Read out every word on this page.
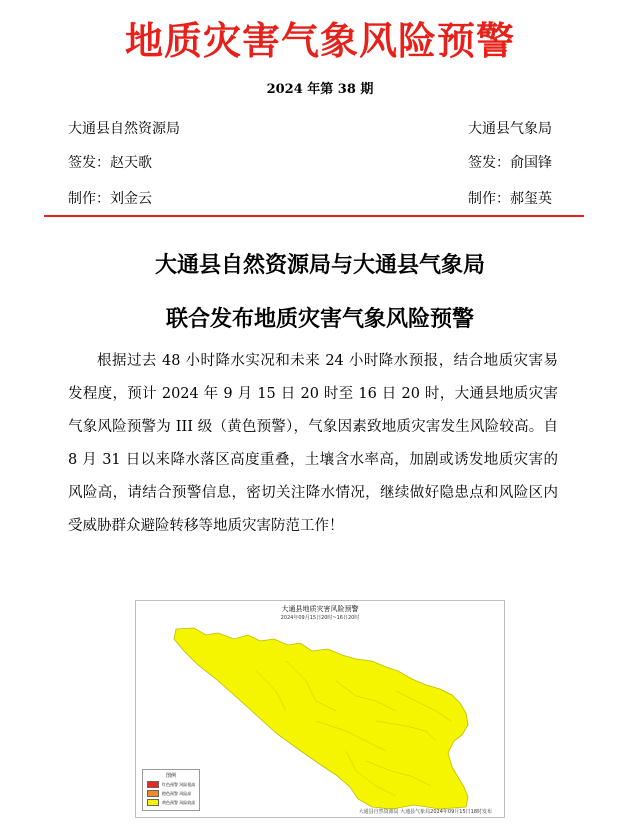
地质灾害气象风险预警
2024 年第 38 期
大通县自然资源局	大通县气象局
签发：赵天歌	签发：俞国锋
制作：刘金云	制作：郝玺英
大通县自然资源局与大通县气象局
联合发布地质灾害气象风险预警
根据过去 48 小时降水实况和未来 24 小时降水预报，结合地质灾害易发程度，预计 2024 年 9 月 15 日 20 时至 16 日 20 时，大通县地质灾害气象风险预警为 III 级（黄色预警），气象因素致地质灾害发生风险较高。自 8 月 31 日以来降水落区高度重叠，土壤含水率高，加剧或诱发地质灾害的风险高，请结合预警信息，密切关注降水情况，继续做好隐患点和风险区内受威胁群众避险转移等地质灾害防范工作！
大通县地质灾害风险预警
2024年09月15日20时~16日20时
图例
红色预警 风险很高
橙色预警 风险高
黄色预警 风险较高
大通县自然资源局 大通县气象局2024年09月15日18时发布
